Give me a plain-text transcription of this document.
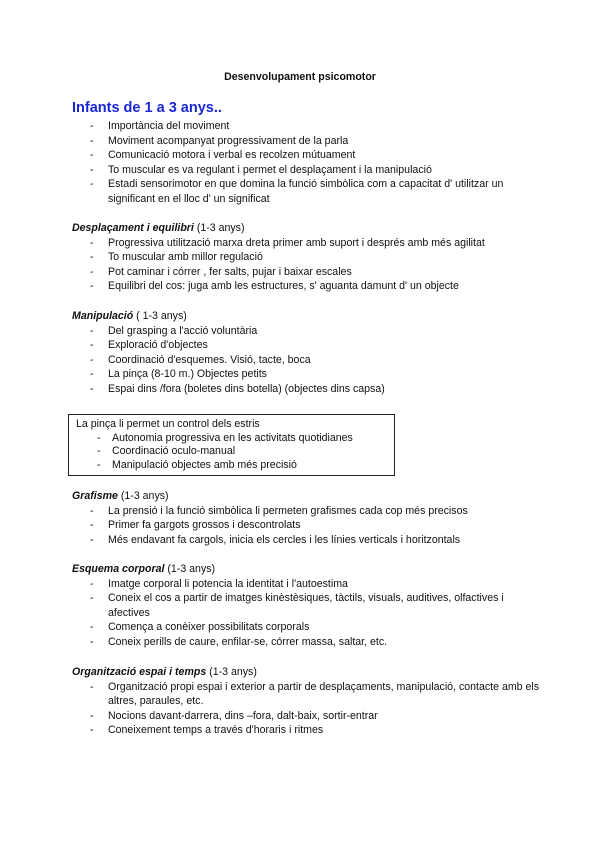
Desenvolupament psicomotor
Infants de 1 a 3 anys..
- Importància del moviment
- Moviment acompanyat progressivament de la parla
- Comunicació motora i verbal es recolzen mútuament
- To muscular es va regulant i permet el desplaçament i la manipulació
- Estadi sensorimotor en que domina la funció simbòlica com a capacitat d' utilitzar un significant en el lloc d' un significat

Desplaçament i equilibri (1-3 anys)

- Progressiva utilització marxa dreta primer amb suport i després amb més agilitat
- To muscular amb millor regulació
- Pot caminar i córrer , fer salts, pujar i baixar escales
- Equilibri del cos: juga amb les estructures, s' aguanta damunt d' un objecte

Manipulació ( 1-3 anys)

- Del grasping a l'acció voluntària
- Exploració d'objectes
- Coordinació d'esquemes. Visió, tacte, boca
- La pinça (8-10 m.) Objectes petits
- Espai dins /fora (boletes dins botella) (objectes dins capsa)
La pinça li permet un control dels estris
- Autonomia progressiva en les activitats quotidianes
- Coordinació oculo-manual
- Manipulació objectes amb més precisió

Grafisme (1-3 anys)

- La prensió i la funció simbòlica li permeten grafismes cada cop més precisos
- Primer fa gargots grossos i descontrolats
- Més endavant fa cargols, inicia els cercles i les línies verticals i horitzontals

Esquema corporal (1-3 anys)

- Imatge corporal li potencia la identitat i l'autoestima
- Coneix el cos a partir de imatges kinèstèsiques, tàctils, visuals, auditives, olfactives i afectives
- Comença a conèixer possibilitats corporals
- Coneix perills de caure, enfilar-se, córrer massa, saltar, etc.

Organització espai i temps (1-3 anys)

- Organització propi espai i exterior a partir de desplaçaments, manipulació, contacte amb els altres, paraules, etc.
- Nocions davant-darrera, dins –fora, dalt-baix, sortir-entrar
- Coneixement temps a través d'horaris i ritmes
